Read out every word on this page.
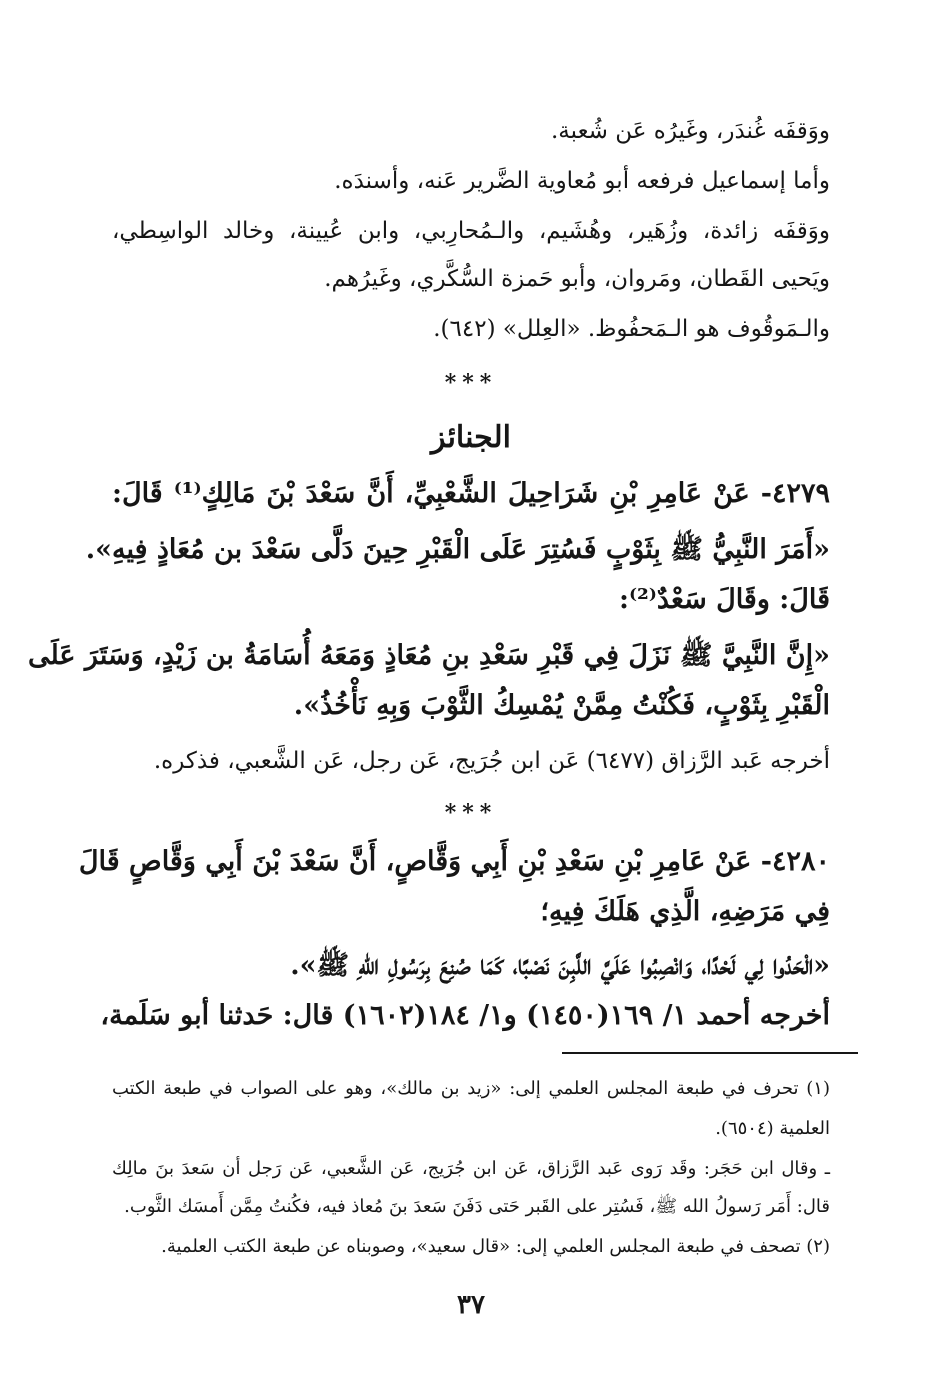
ووَقفَه غُندَر، وغَيرُه عَن شُعبة.
وأما إسماعيل فرفعه أبو مُعاوية الضَّرير عَنه، وأسندَه.
ووَقفَه زائدة، وزُهَير، وهُشَيم، والـمُحارِبي، وابن عُيينة، وخالد الواسِطي،
ويَحيى القَطان، ومَروان، وأبو حَمزة السُّكَّري، وغَيرُهم.
والـمَوقُوف هو الـمَحفُوظ. «العِلل» (٦٤٢).
***
الجنائز
٤٢٧٩- عَنْ عَامِرِ بْنِ شَرَاحِيلَ الشَّعْبِيِّ، أَنَّ سَعْدَ بْنَ مَالِكٍ⁽¹⁾ قَالَ:
«أَمَرَ النَّبِيُّ ﷺ بِثَوْبٍ فَسُتِرَ عَلَى الْقَبْرِ حِينَ دَلَّى سَعْدَ بن مُعَاذٍ فِيهِ».
قَالَ: وقَالَ سَعْدٌ⁽²⁾:
«إِنَّ النَّبِيَّ ﷺ نَزَلَ فِي قَبْرِ سَعْدِ بنِ مُعَاذٍ وَمَعَهُ أُسَامَةُ بن زَيْدٍ، وَسَتَرَ عَلَى
الْقَبْرِ بِثَوْبٍ، فَكُنْتُ مِمَّنْ يُمْسِكُ الثَّوْبَ وَبِهِ نَأْخُذُ».
أخرجه عَبد الرَّزاق (٦٤٧٧) عَن ابن جُرَيج، عَن رجل، عَن الشَّعبي، فذكره.
***
٤٢٨٠- عَنْ عَامِرِ بْنِ سَعْدِ بْنِ أَبِي وَقَّاصٍ، أَنَّ سَعْدَ بْنَ أَبِي وَقَّاصٍ قَالَ
فِي مَرَضِهِ، الَّذِي هَلَكَ فِيهِ؛
«الْحَدُوا لِي لَحْدًا، وَانْصِبُوا عَلَيَّ اللَّبِنَ نَصْبًا، كَمَا صُنِعَ بِرَسُولِ اللهِ ﷺ».
أخرجه أحمد ١/ ١٦٩(١٤٥٠) و١/ ١٨٤(١٦٠٢) قال: حَدثنا أبو سَلَمة،
(١) تحرف في طبعة المجلس العلمي إلى: «زيد بن مالك»، وهو على الصواب في طبعة الكتب
العلمية (٦٥٠٤).
ـ وقال ابن حَجَر: وقَد رَوى عَبد الرَّزاق، عَن ابن جُرَيج، عَن الشَّعبي، عَن رَجل أن سَعدَ بنَ مالِك
قال: أَمَر رَسولُ الله ﷺ، فَسُتِر على القَبر حَتى دَفَنَ سَعدَ بنَ مُعاذ فيه، فكُنتُ مِمَّن أَمسَك الثَّوب.
(٢) تصحف في طبعة المجلس العلمي إلى: «قال سعيد»، وصوبناه عن طبعة الكتب العلمية.
٣٧
